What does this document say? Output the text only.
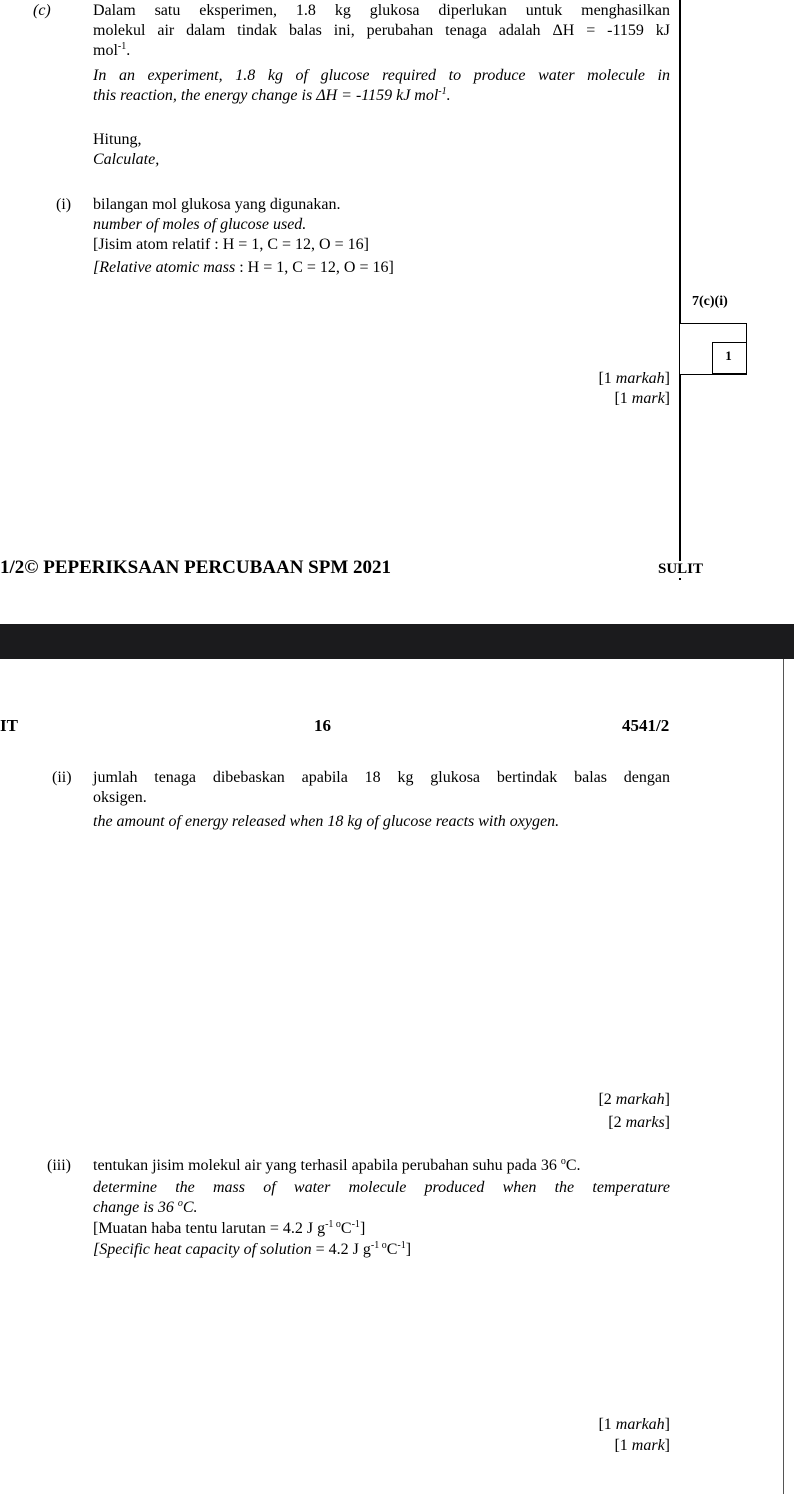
(c)	Dalam satu eksperimen, 1.8 kg glukosa diperlukan untuk menghasilkan
molekul air dalam tindak balas ini, perubahan tenaga adalah ΔH = -1159 kJ
mol$^{-1}$.
In an experiment, 1.8 kg of glucose required to produce water molecule in
this reaction, the energy change is ΔH = -1159 kJ mol$^{-1}$.
Hitung,
Calculate,
(i) bilangan mol glukosa yang digunakan.
number of moles of glucose used.
[Jisim atom relatif : H = 1, C = 12, O = 16]
[Relative atomic mass : H = 1, C = 12, O = 16]
7(c)(i)
1
[1 markah]
[1 mark]
1/2© PEPERIKSAAN PERCUBAAN SPM 2021	SULIT
IT	16	4541/2
(ii) jumlah tenaga dibebaskan apabila 18 kg glukosa bertindak balas dengan
oksigen.
the amount of energy released when 18 kg of glucose reacts with oxygen.
[2 markah]
[2 marks]
(iii) tentukan jisim molekul air yang terhasil apabila perubahan suhu pada 36 $^o$C.
determine the mass of water molecule produced when the temperature
change is 36 $^o$C.
[Muatan haba tentu larutan = 4.2 J $g^{-1 o}C^{-1}$]
[Specific heat capacity of solution = 4.2 J $g^{-1 o}C^{-1}$]
[1 markah]
[1 mark]
